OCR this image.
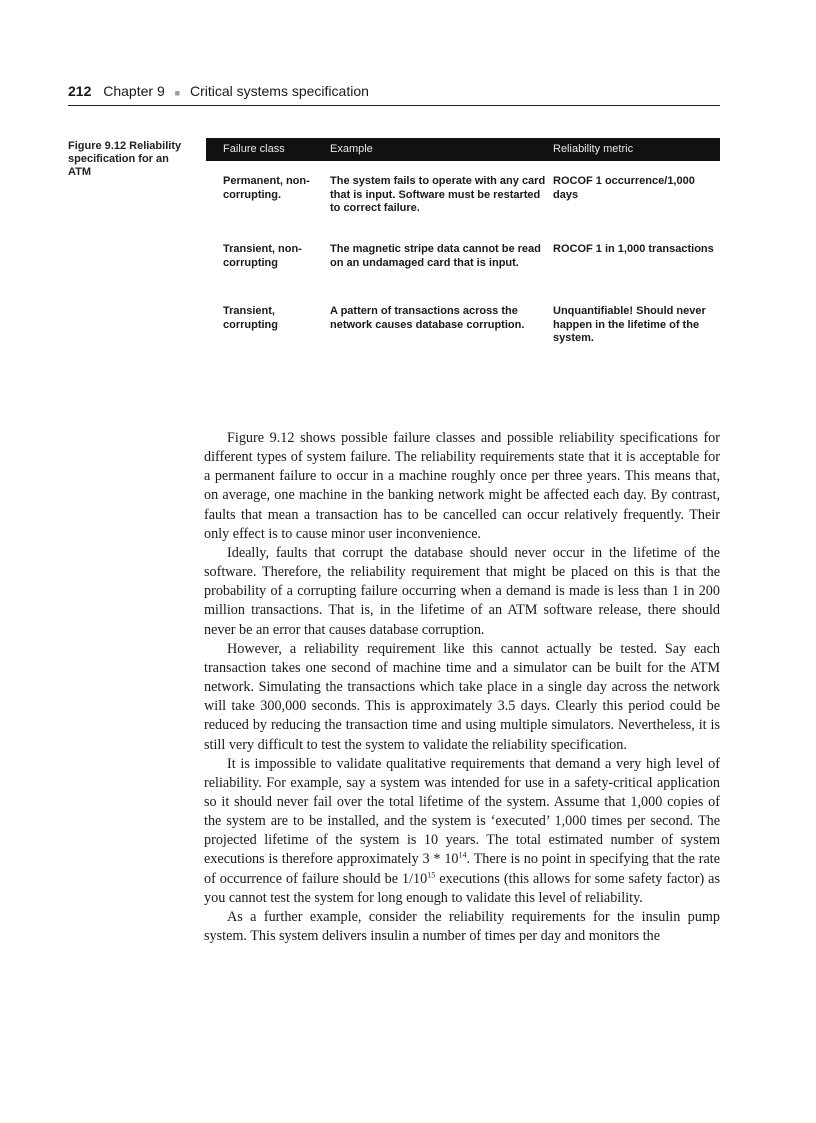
212 Chapter 9 ■ Critical systems specification
Figure 9.12 Reliability specification for an ATM
Failure class	Example	Reliability metric
Permanent, non-corrupting.
The system fails to operate with any card that is input. Software must be restarted to correct failure.
ROCOF 1 occurrence/1,000 days
Transient, non-corrupting
The magnetic stripe data cannot be read on an undamaged card that is input.
ROCOF 1 in 1,000 transactions
Transient, corrupting
A pattern of transactions across the network causes database corruption.
Unquantifiable! Should never happen in the lifetime of the system.

Figure 9.12 shows possible failure classes and possible reliability specifications for different types of system failure. The reliability requirements state that it is acceptable for a permanent failure to occur in a machine roughly once per three years. This means that, on average, one machine in the banking network might be affected each day. By contrast, faults that mean a transaction has to be cancelled can occur relatively frequently. Their only effect is to cause minor user inconvenience.

Ideally, faults that corrupt the database should never occur in the lifetime of the software. Therefore, the reliability requirement that might be placed on this is that the probability of a corrupting failure occurring when a demand is made is less than 1 in 200 million transactions. That is, in the lifetime of an ATM software release, there should never be an error that causes database corruption.

However, a reliability requirement like this cannot actually be tested. Say each transaction takes one second of machine time and a simulator can be built for the ATM network. Simulating the transactions which take place in a single day across the network will take 300,000 seconds. This is approximately 3.5 days. Clearly this period could be reduced by reducing the transaction time and using multiple simulators. Nevertheless, it is still very difficult to test the system to validate the reliability specification.

It is impossible to validate qualitative requirements that demand a very high level of reliability. For example, say a system was intended for use in a safety-critical application so it should never fail over the total lifetime of the system. Assume that 1,000 copies of the system are to be installed, and the system is ‘executed’ 1,000 times per second. The projected lifetime of the system is 10 years. The total estimated number of system executions is therefore approximately $3 * 10^{14}$. There is no point in specifying that the rate of occurrence of failure should be $1/10^{15}$ executions (this allows for some safety factor) as you cannot test the system for long enough to validate this level of reliability.

As a further example, consider the reliability requirements for the insulin pump system. This system delivers insulin a number of times per day and monitors the
